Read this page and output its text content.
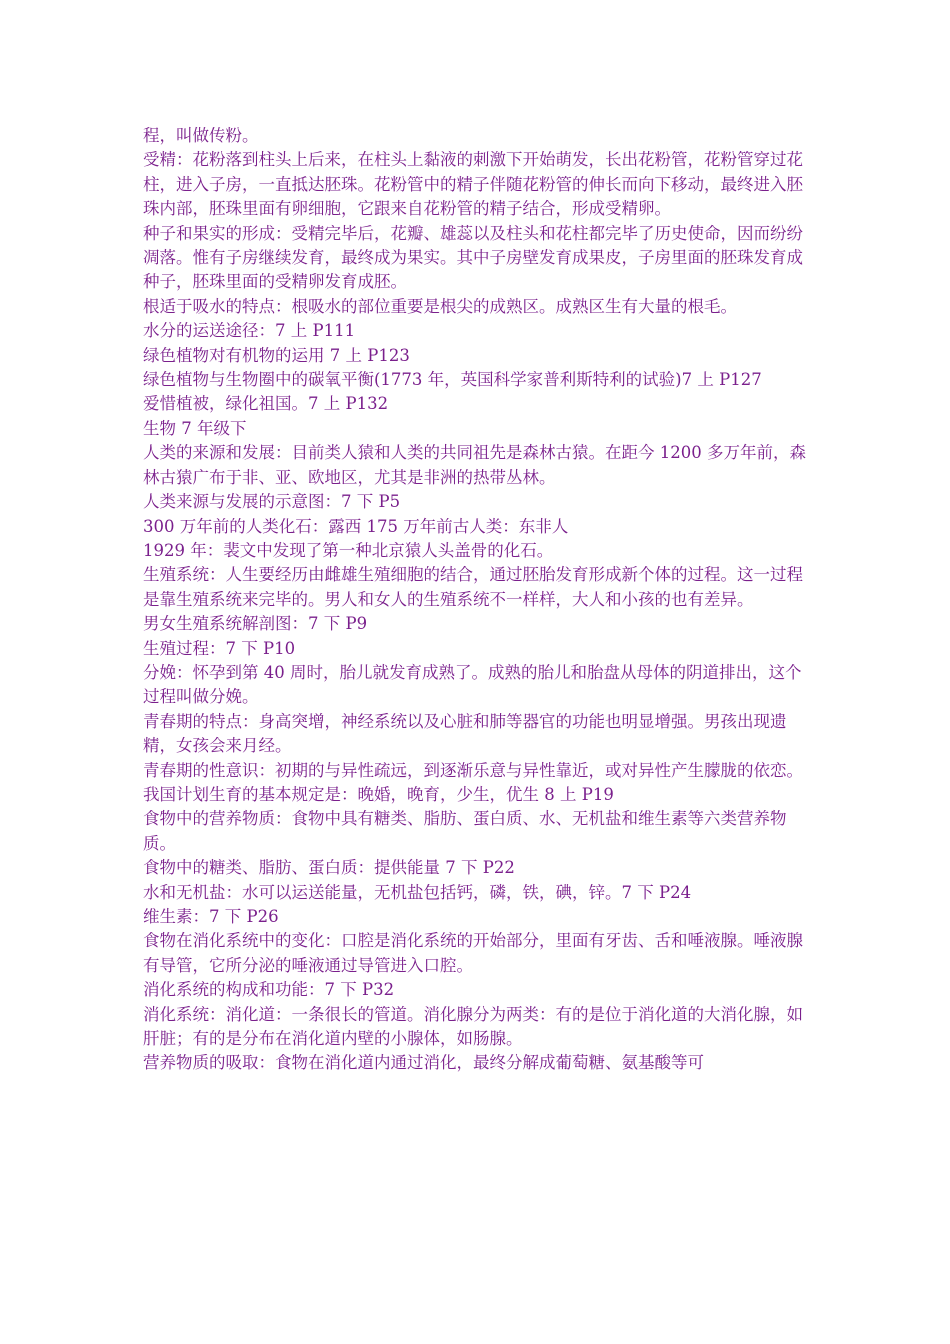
程，叫做传粉。

受精：花粉落到柱头上后来，在柱头上黏液的刺激下开始萌发，长出花粉管，花粉管穿过花柱，进入子房，一直抵达胚珠。花粉管中的精子伴随花粉管的伸长而向下移动，最终进入胚珠内部，胚珠里面有卵细胞，它跟来自花粉管的精子结合，形成受精卵。

种子和果实的形成：受精完毕后，花瓣、雄蕊以及柱头和花柱都完毕了历史使命，因而纷纷凋落。惟有子房继续发育，最终成为果实。其中子房壁发育成果皮，子房里面的胚珠发育成种子，胚珠里面的受精卵发育成胚。

根适于吸水的特点：根吸水的部位重要是根尖的成熟区。成熟区生有大量的根毛。

水分的运送途径：7 上 P111

绿色植物对有机物的运用 7 上 P123

绿色植物与生物圈中的碳氧平衡(1773 年，英国科学家普利斯特利的试验)7 上 P127

爱惜植被，绿化祖国。7 上 P132

生物 7 年级下

人类的来源和发展：目前类人猿和人类的共同祖先是森林古猿。在距今 1200 多万年前，森林古猿广布于非、亚、欧地区，尤其是非洲的热带丛林。

人类来源与发展的示意图：7 下 P5

300 万年前的人类化石：露西 175 万年前古人类：东非人

1929 年：裴文中发现了第一种北京猿人头盖骨的化石。

生殖系统：人生要经历由雌雄生殖细胞的结合，通过胚胎发育形成新个体的过程。这一过程是靠生殖系统来完毕的。男人和女人的生殖系统不一样样，大人和小孩的也有差异。

男女生殖系统解剖图：7 下 P9

生殖过程：7 下 P10

分娩：怀孕到第 40 周时，胎儿就发育成熟了。成熟的胎儿和胎盘从母体的阴道排出，这个过程叫做分娩。

青春期的特点：身高突增，神经系统以及心脏和肺等器官的功能也明显增强。男孩出现遗精，女孩会来月经。

青春期的性意识：初期的与异性疏远，到逐渐乐意与异性靠近，或对异性产生朦胧的依恋。

我国计划生育的基本规定是：晚婚，晚育，少生，优生 8 上 P19

食物中的营养物质：食物中具有糖类、脂肪、蛋白质、水、无机盐和维生素等六类营养物质。

食物中的糖类、脂肪、蛋白质：提供能量 7 下 P22

水和无机盐：水可以运送能量，无机盐包括钙，磷，铁，碘，锌。7 下 P24

维生素：7 下 P26

食物在消化系统中的变化：口腔是消化系统的开始部分，里面有牙齿、舌和唾液腺。唾液腺有导管，它所分泌的唾液通过导管进入口腔。

消化系统的构成和功能：7 下 P32

消化系统：消化道：一条很长的管道。消化腺分为两类：有的是位于消化道的大消化腺，如肝脏；有的是分布在消化道内壁的小腺体，如肠腺。

营养物质的吸取：食物在消化道内通过消化，最终分解成葡萄糖、氨基酸等可
